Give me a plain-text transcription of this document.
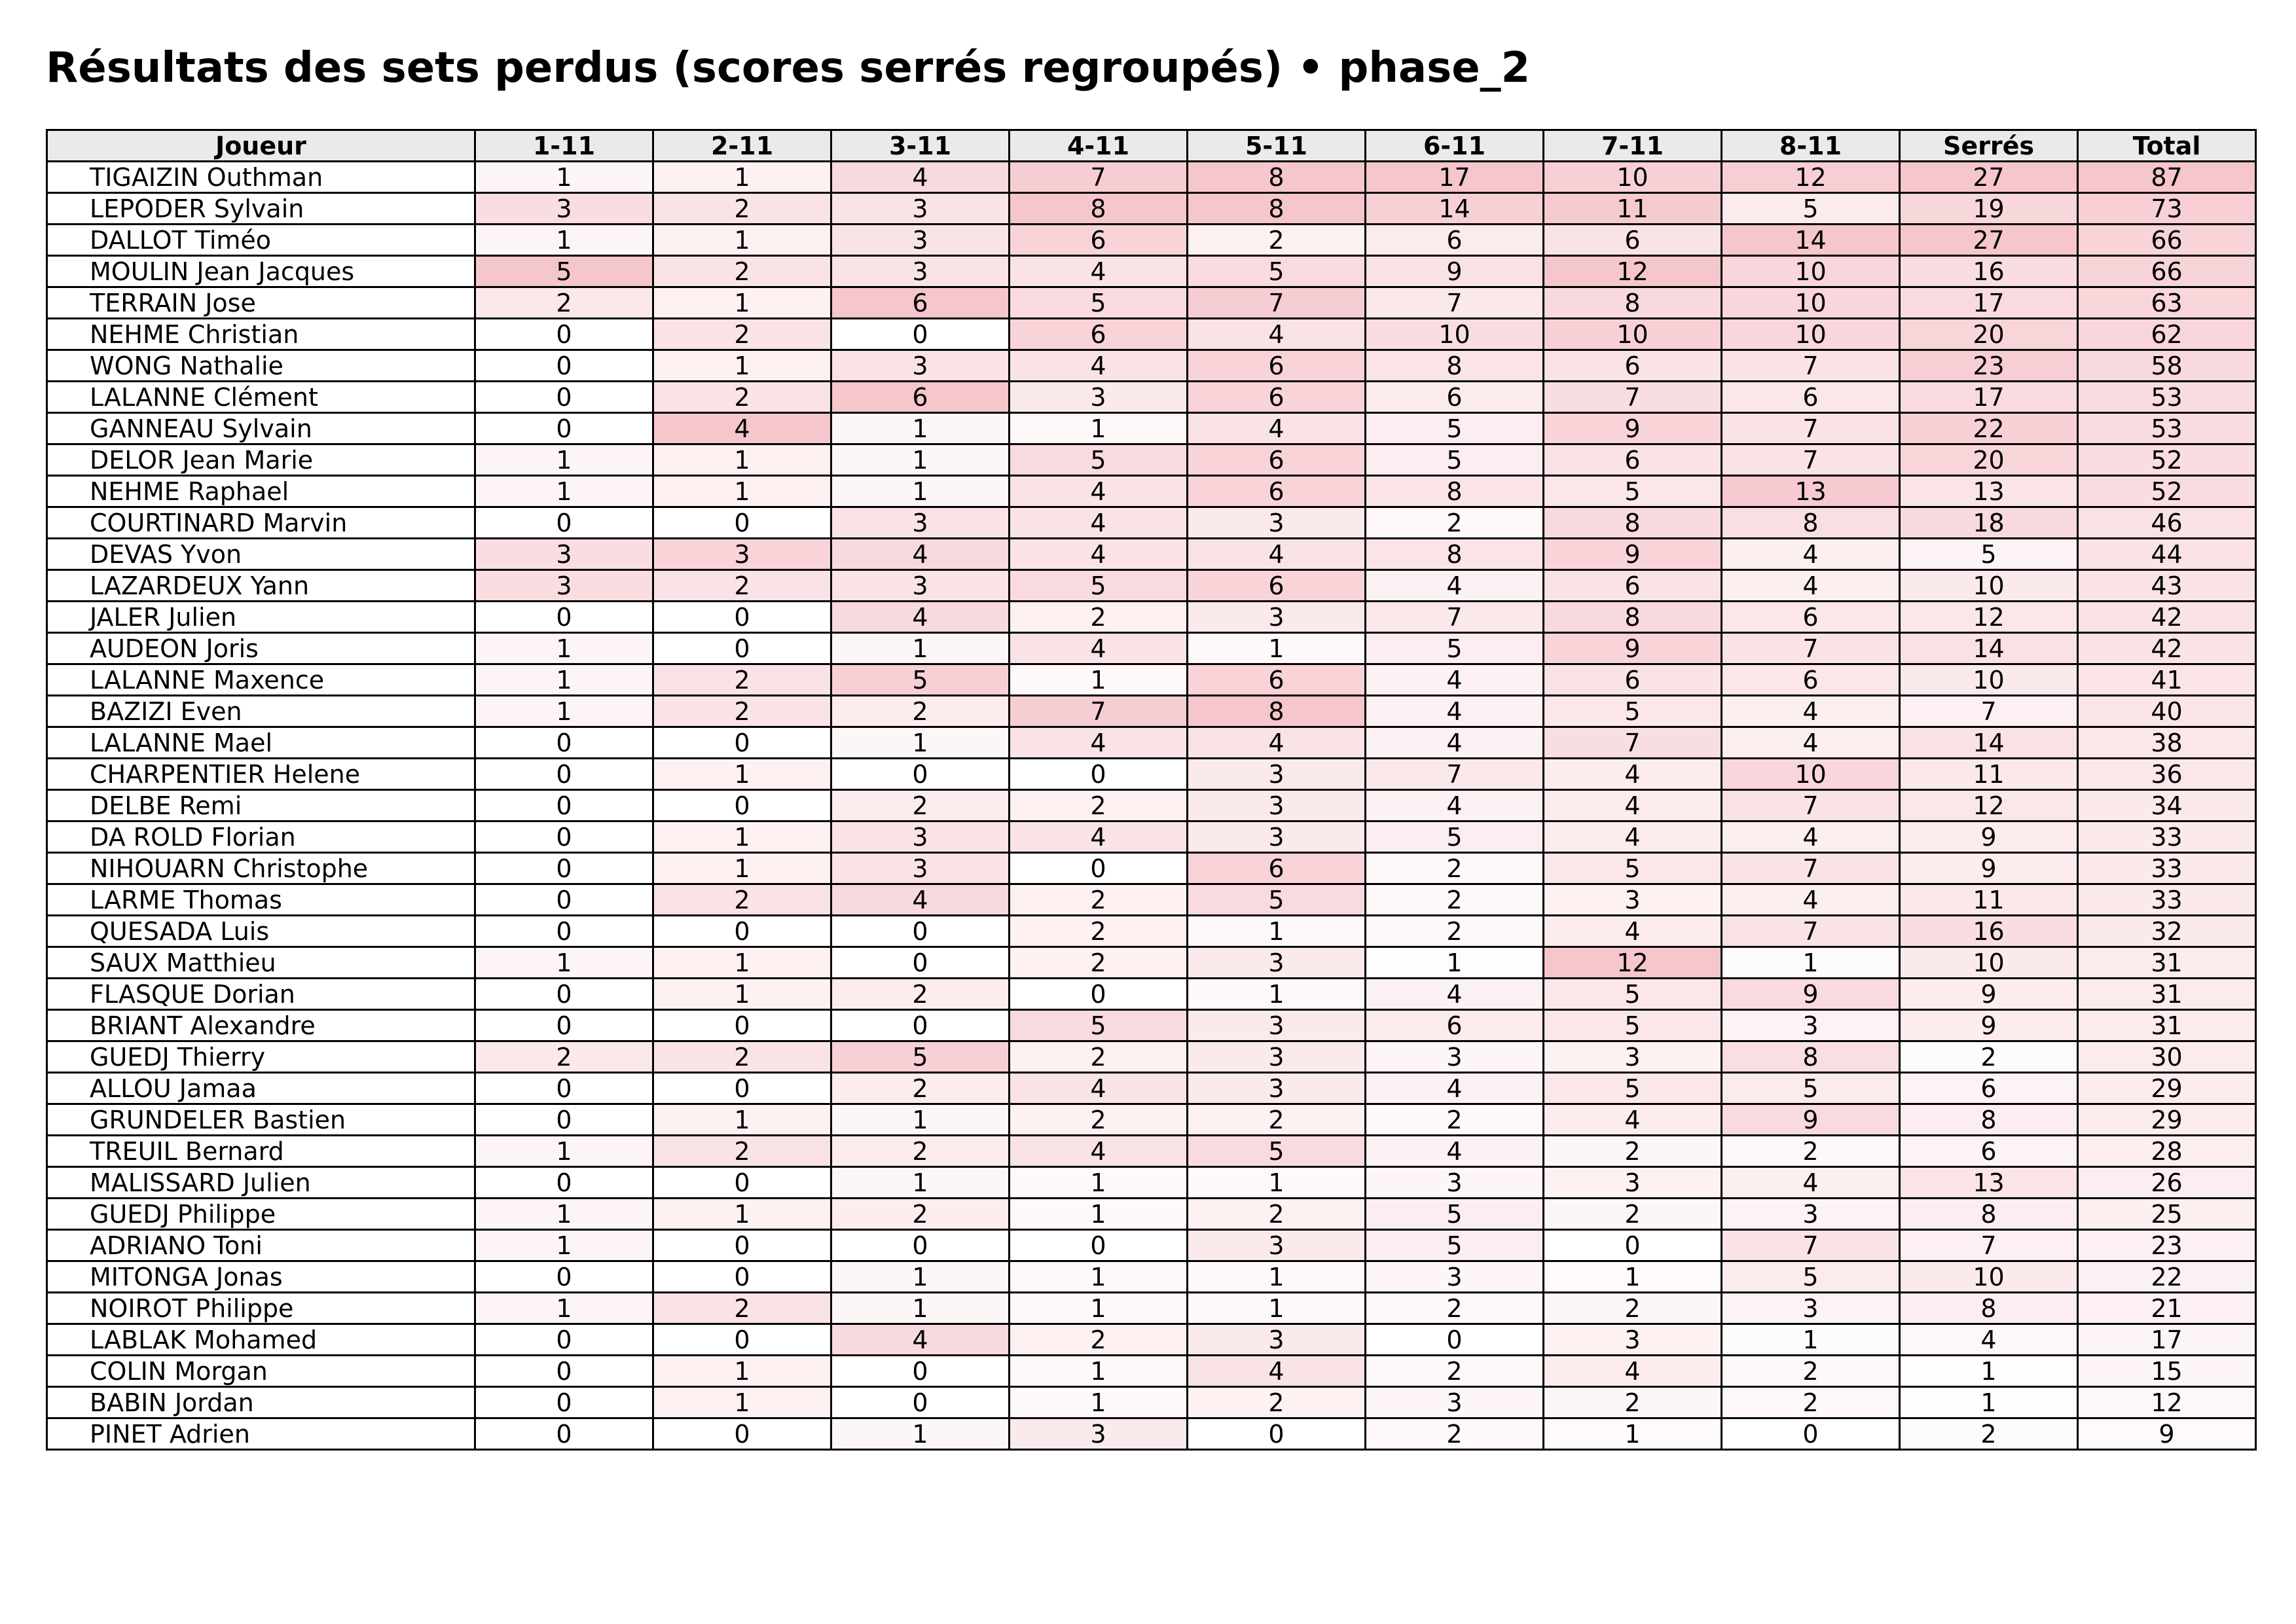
Résultats des sets perdus (scores serrés regroupés) • phase_2
Joueur	1-11	2-11	3-11	4-11	5-11	6-11	7-11	8-11	Serrés	Total
TIGAIZIN Outhman	1	1	4	7	8	17	10	12	27	87
LEPODER Sylvain	3	2	3	8	8	14	11	5	19	73
DALLOT Timéo	1	1	3	6	2	6	6	14	27	66
MOULIN Jean Jacques	5	2	3	4	5	9	12	10	16	66
TERRAIN Jose	2	1	6	5	7	7	8	10	17	63
NEHME Christian	0	2	0	6	4	10	10	10	20	62
WONG Nathalie	0	1	3	4	6	8	6	7	23	58
LALANNE Clément	0	2	6	3	6	6	7	6	17	53
GANNEAU Sylvain	0	4	1	1	4	5	9	7	22	53
DELOR Jean Marie	1	1	1	5	6	5	6	7	20	52
NEHME Raphael	1	1	1	4	6	8	5	13	13	52
COURTINARD Marvin	0	0	3	4	3	2	8	8	18	46
DEVAS Yvon	3	3	4	4	4	8	9	4	5	44
LAZARDEUX Yann	3	2	3	5	6	4	6	4	10	43
JALER Julien	0	0	4	2	3	7	8	6	12	42
AUDEON Joris	1	0	1	4	1	5	9	7	14	42
LALANNE Maxence	1	2	5	1	6	4	6	6	10	41
BAZIZI Even	1	2	2	7	8	4	5	4	7	40
LALANNE Mael	0	0	1	4	4	4	7	4	14	38
CHARPENTIER Helene	0	1	0	0	3	7	4	10	11	36
DELBE Remi	0	0	2	2	3	4	4	7	12	34
DA ROLD Florian	0	1	3	4	3	5	4	4	9	33
NIHOUARN Christophe	0	1	3	0	6	2	5	7	9	33
LARME Thomas	0	2	4	2	5	2	3	4	11	33
QUESADA Luis	0	0	0	2	1	2	4	7	16	32
SAUX Matthieu	1	1	0	2	3	1	12	1	10	31
FLASQUE Dorian	0	1	2	0	1	4	5	9	9	31
BRIANT Alexandre	0	0	0	5	3	6	5	3	9	31
GUEDJ Thierry	2	2	5	2	3	3	3	8	2	30
ALLOU Jamaa	0	0	2	4	3	4	5	5	6	29
GRUNDELER Bastien	0	1	1	2	2	2	4	9	8	29
TREUIL Bernard	1	2	2	4	5	4	2	2	6	28
MALISSARD Julien	0	0	1	1	1	3	3	4	13	26
GUEDJ Philippe	1	1	2	1	2	5	2	3	8	25
ADRIANO Toni	1	0	0	0	3	5	0	7	7	23
MITONGA Jonas	0	0	1	1	1	3	1	5	10	22
NOIROT Philippe	1	2	1	1	1	2	2	3	8	21
LABLAK Mohamed	0	0	4	2	3	0	3	1	4	17
COLIN Morgan	0	1	0	1	4	2	4	2	1	15
BABIN Jordan	0	1	0	1	2	3	2	2	1	12
PINET Adrien	0	0	1	3	0	2	1	0	2	9
